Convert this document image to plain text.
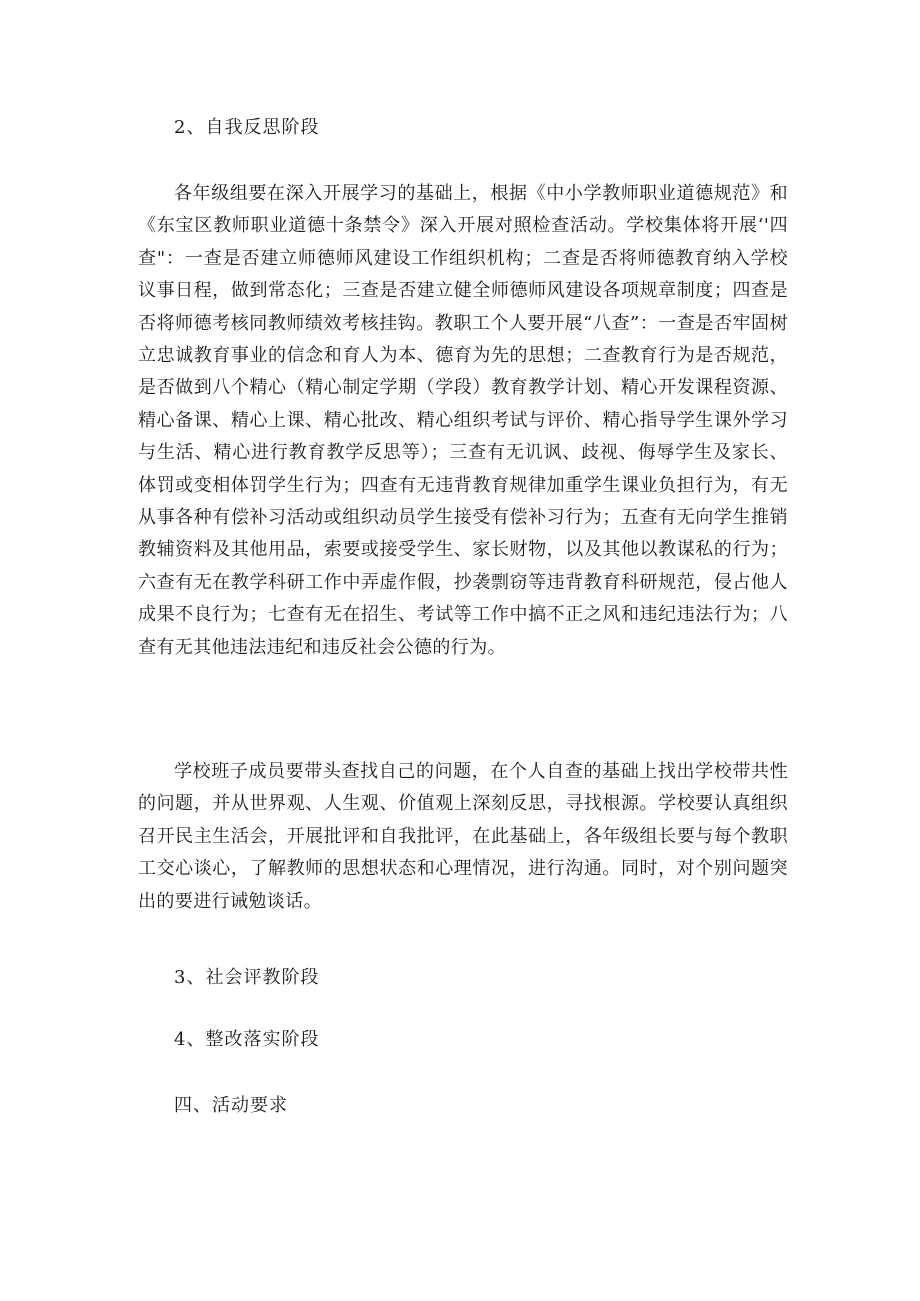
2、自我反思阶段

各年级组要在深入开展学习的基础上，根据《中小学教师职业道德规范》和《东宝区教师职业道德十条禁令》深入开展对照检查活动。学校集体将开展‘'四查"：一查是否建立师德师风建设工作组织机构；二查是否将师德教育纳入学校议事日程，做到常态化；三查是否建立健全师德师风建设各项规章制度；四查是否将师德考核同教师绩效考核挂钩。教职工个人要开展“八查”：一查是否牢固树立忠诚教育事业的信念和育人为本、德育为先的思想；二查教育行为是否规范，是否做到八个精心（精心制定学期（学段）教育教学计划、精心开发课程资源、精心备课、精心上课、精心批改、精心组织考试与评价、精心指导学生课外学习与生活、精心进行教育教学反思等）；三查有无讥讽、歧视、侮辱学生及家长、体罚或变相体罚学生行为；四查有无违背教育规律加重学生课业负担行为，有无从事各种有偿补习活动或组织动员学生接受有偿补习行为；五查有无向学生推销教辅资料及其他用品，索要或接受学生、家长财物，以及其他以教谋私的行为；六查有无在教学科研工作中弄虚作假，抄袭剽窃等违背教育科研规范，侵占他人成果不良行为；七查有无在招生、考试等工作中搞不正之风和违纪违法行为；八查有无其他违法违纪和违反社会公德的行为。

学校班子成员要带头查找自己的问题，在个人自查的基础上找出学校带共性的问题，并从世界观、人生观、价值观上深刻反思，寻找根源。学校要认真组织召开民主生活会，开展批评和自我批评，在此基础上，各年级组长要与每个教职工交心谈心，了解教师的思想状态和心理情况，进行沟通。同时，对个别问题突出的要进行诫勉谈话。

3、社会评教阶段
4、整改落实阶段
四、活动要求
